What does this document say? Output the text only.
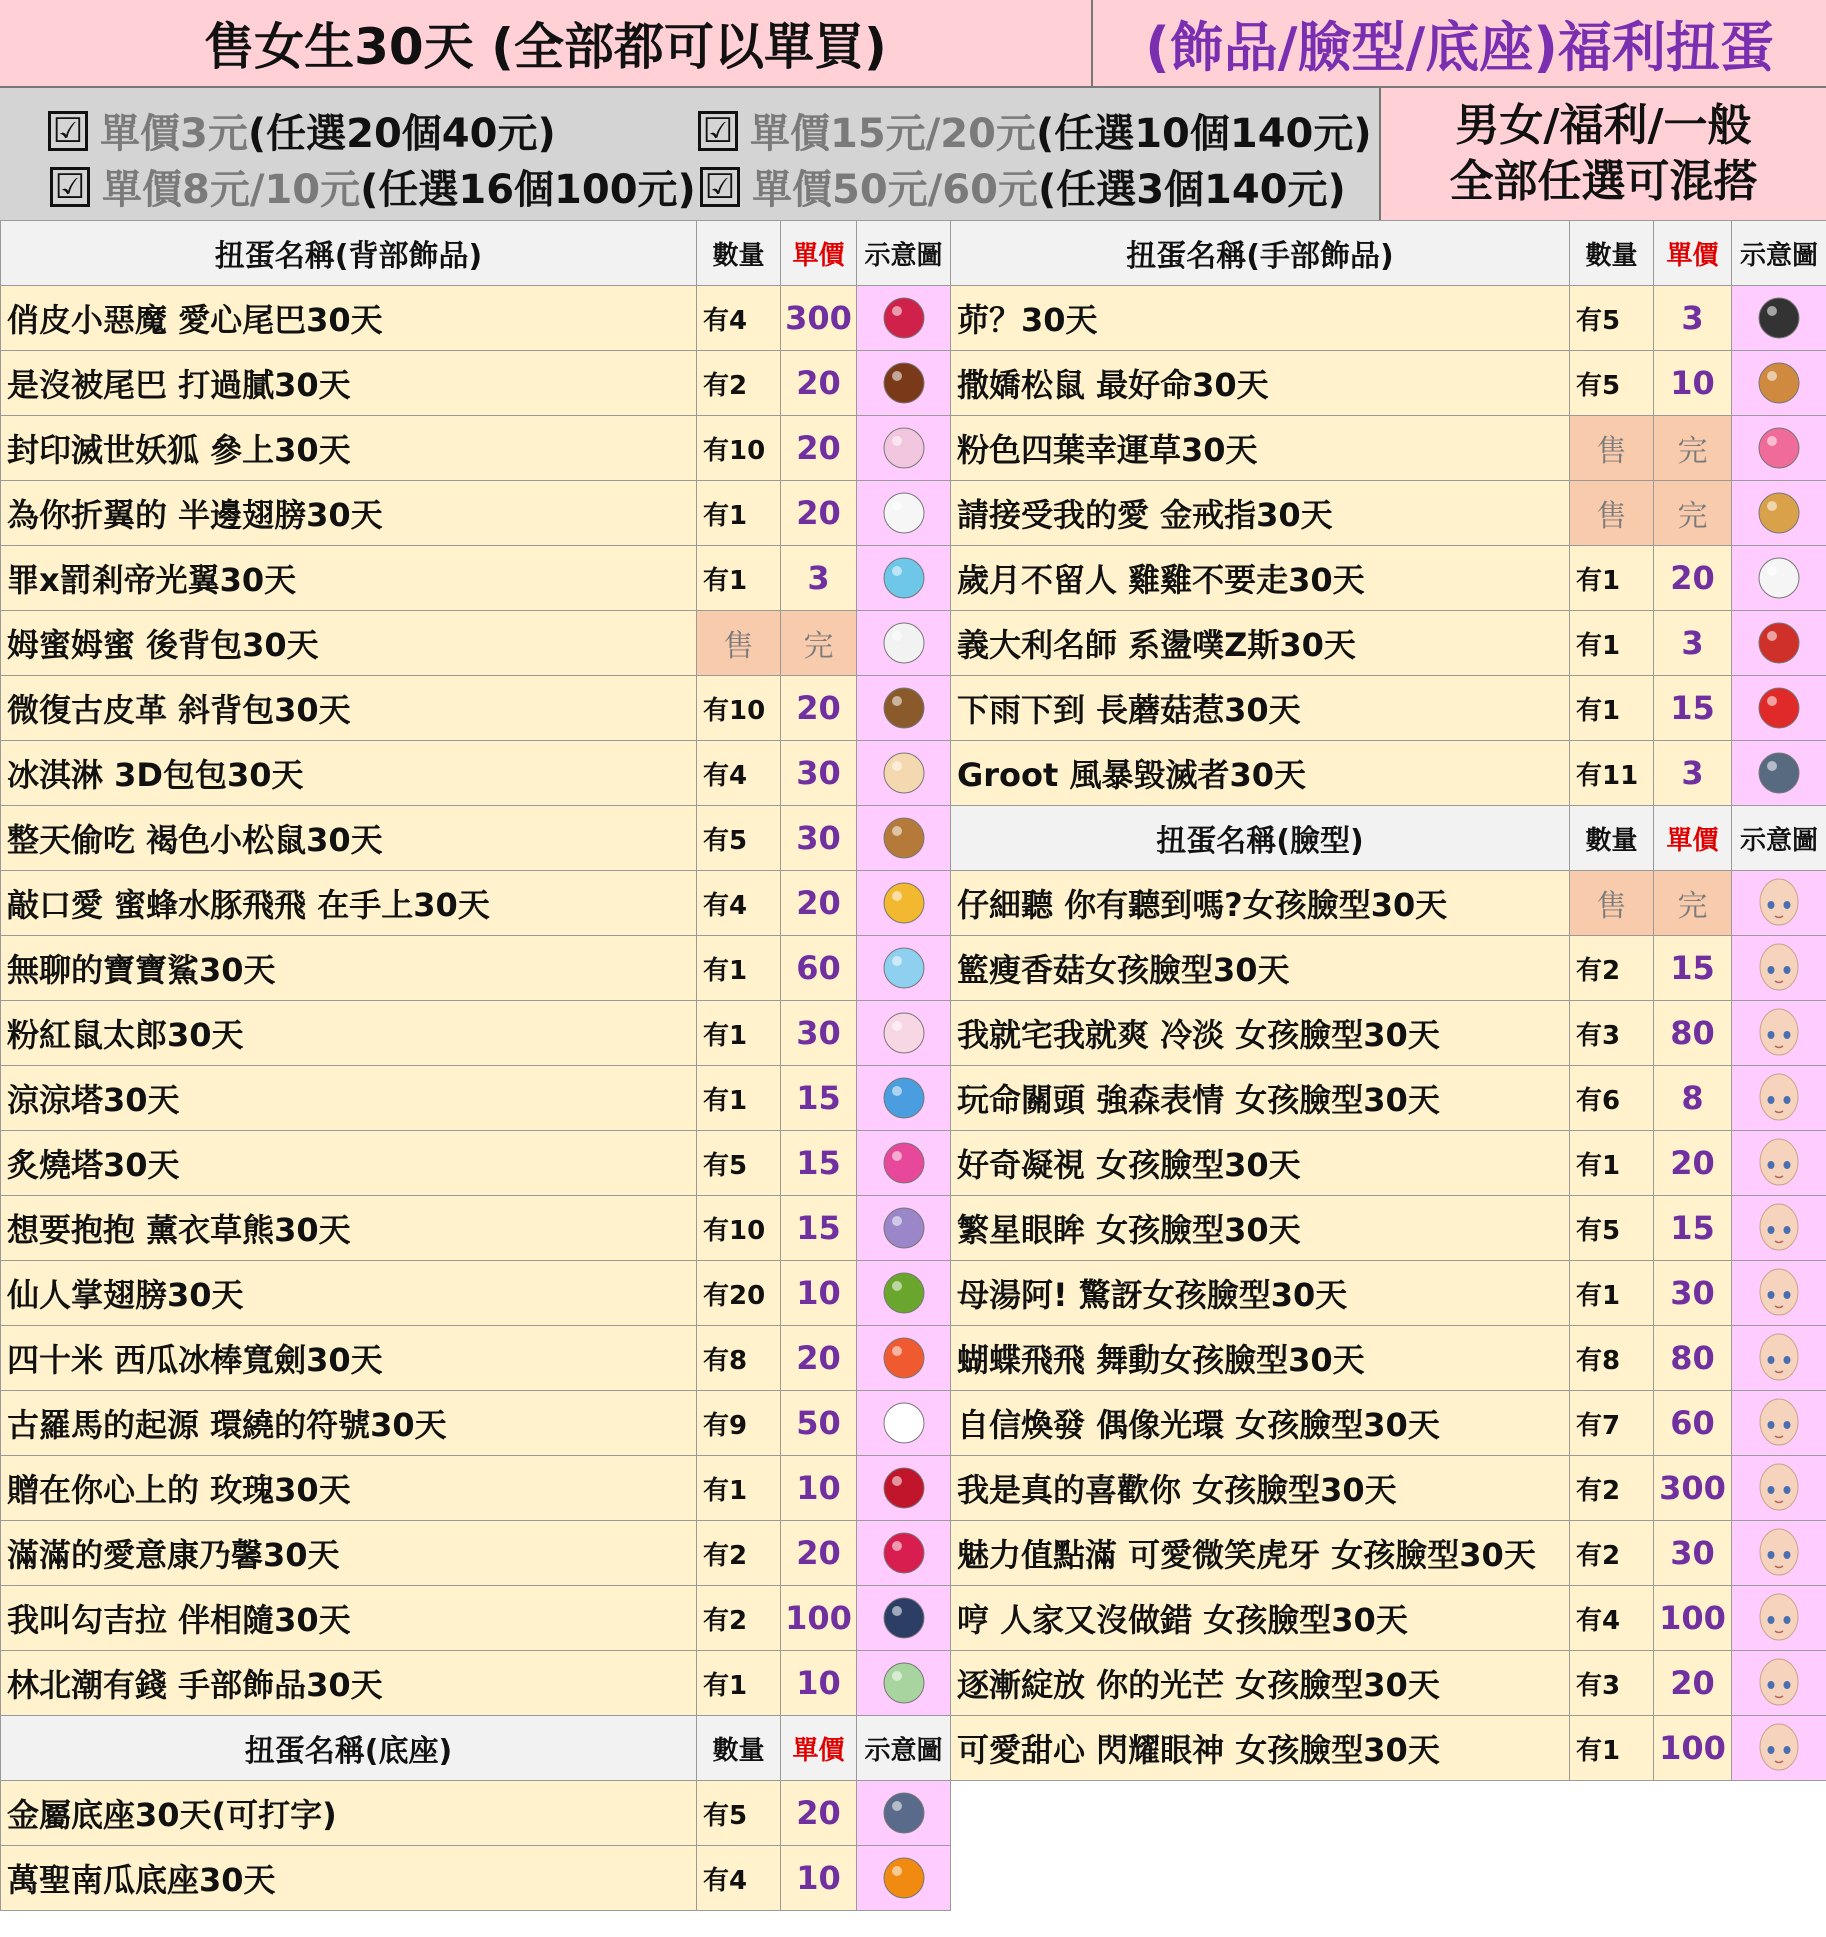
售女生30天 (全部都可以單買)	(飾品/臉型/底座)福利扭蛋
☑ 單價3元 (任選20個40元)	☑ 單價15元/20元 (任選10個140元)
☑ 單價8元/10元 (任選16個100元) ☑ 單價50元/60元 (任選3個140元)
男女/福利/一般
全部任選可混搭
扭蛋名稱(背部飾品)	數量	單價	示意圖
俏皮小惡魔 愛心尾巴30天	有4	300	
是沒被尾巴 打過膩30天	有2	20	
封印滅世妖狐 參上30天	有10	20	
為你折翼的 半邊翅膀30天	有1	20	
罪x罰剎帝光翼30天	有1	3	
姆蜜姆蜜 後背包30天	售	完	
微復古皮革 斜背包30天	有10	20	
冰淇淋 3D包包30天	有4	30	
整天偷吃 褐色小松鼠30天	有5	30	
敲口愛 蜜蜂水豚飛飛 在手上30天	有4	20	
無聊的寶寶鯊30天	有1	60	
粉紅鼠太郎30天	有1	30	
涼涼塔30天	有1	15	
炙燒塔30天	有5	15	
想要抱抱 薰衣草熊30天	有10	15	
仙人掌翅膀30天	有20	10	
四十米 西瓜冰棒寬劍30天	有8	20	
古羅馬的起源 環繞的符號30天	有9	50	
贈在你心上的 玫瑰30天	有1	10	
滿滿的愛意康乃馨30天	有2	20	
我叫勾吉拉 伴相隨30天	有2	100	
林北潮有錢 手部飾品30天	有1	10	
扭蛋名稱(底座)	數量	單價	示意圖
金屬底座30天(可打字)	有5	20	
萬聖南瓜底座30天	有4	10	
扭蛋名稱(手部飾品)	數量	單價	示意圖
茆？30天	有5	3	
撒嬌松鼠 最好命30天	有5	10	
粉色四葉幸運草30天	售	完	
請接受我的愛 金戒指30天	售	完	
歲月不留人 雞雞不要走30天	有1	20	
義大利名師 系盪噗Z斯30天	有1	3	
下雨下到 長蘑菇惹30天	有1	15	
Groot 風暴毀滅者30天	有11	3	
扭蛋名稱(臉型)	數量	單價	示意圖
仔細聽 你有聽到嗎?女孩臉型30天	售	完	
籃瘦香菇女孩臉型30天	有2	15	
我就宅我就爽 冷淡 女孩臉型30天	有3	80	
玩命關頭 強森表情 女孩臉型30天	有6	8	
好奇凝視 女孩臉型30天	有1	20	
繁星眼眸 女孩臉型30天	有5	15	
母湯阿! 驚訝女孩臉型30天	有1	30	
蝴蝶飛飛 舞動女孩臉型30天	有8	80	
自信煥發 偶像光環 女孩臉型30天	有7	60	
我是真的喜歡你 女孩臉型30天	有2	300	
魅力值點滿 可愛微笑虎牙 女孩臉型30天	有2	30	
哼 人家又沒做錯 女孩臉型30天	有4	100	
逐漸綻放 你的光芒 女孩臉型30天	有3	20	
可愛甜心 閃耀眼神 女孩臉型30天	有1	100	
